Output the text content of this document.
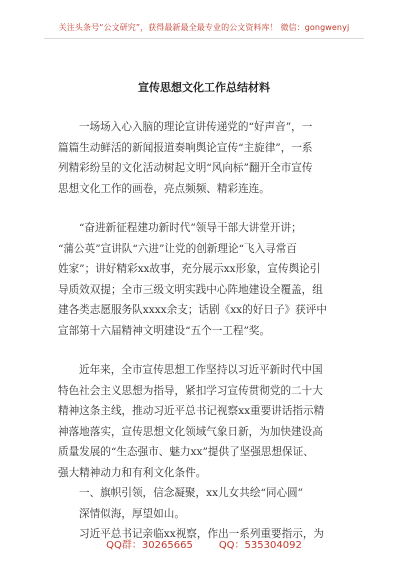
关注头条号“公文研究”，获得最新最全最专业的公文资料库！ 微信：gongwenyj
宣传思想文化工作总结材料
一场场入心入脑的理论宣讲传递党的“好声音”，一
篇篇生动鲜活的新闻报道奏响舆论宣传“主旋律”，一系
列精彩纷呈的文化活动树起文明“风向标”翻开全市宣传
思想文化工作的画卷，亮点频频、精彩连连。
“奋进新征程建功新时代”领导干部大讲堂开讲；
“蒲公英”宣讲队“六进”让党的创新理论“飞入寻常百
姓家”；讲好精彩xx故事，充分展示xx形象，宣传舆论引
导质效双提；全市三级文明实践中心阵地建设全覆盖，组
建各类志愿服务队xxxx余支；话剧《xx的好日子》获评中
宣部第十六届精神文明建设“五个一工程”奖。
近年来，全市宣传思想工作坚持以习近平新时代中国
特色社会主义思想为指导，紧扣学习宣传贯彻党的二十大
精神这条主线，推动习近平总书记视察xx重要讲话指示精
神落地落实，宣传思想文化领域气象日新，为加快建设高
质量发展的“生态强市、魅力xx”提供了坚强思想保证、
强大精神动力和有利文化条件。
一、旗帜引领，信念凝聚，xx儿女共绘“同心圆”
深情似海，厚望如山。
习近平总书记亲临xx视察，作出一系列重要指示，为
QQ群：30265665	QQ：535304092
